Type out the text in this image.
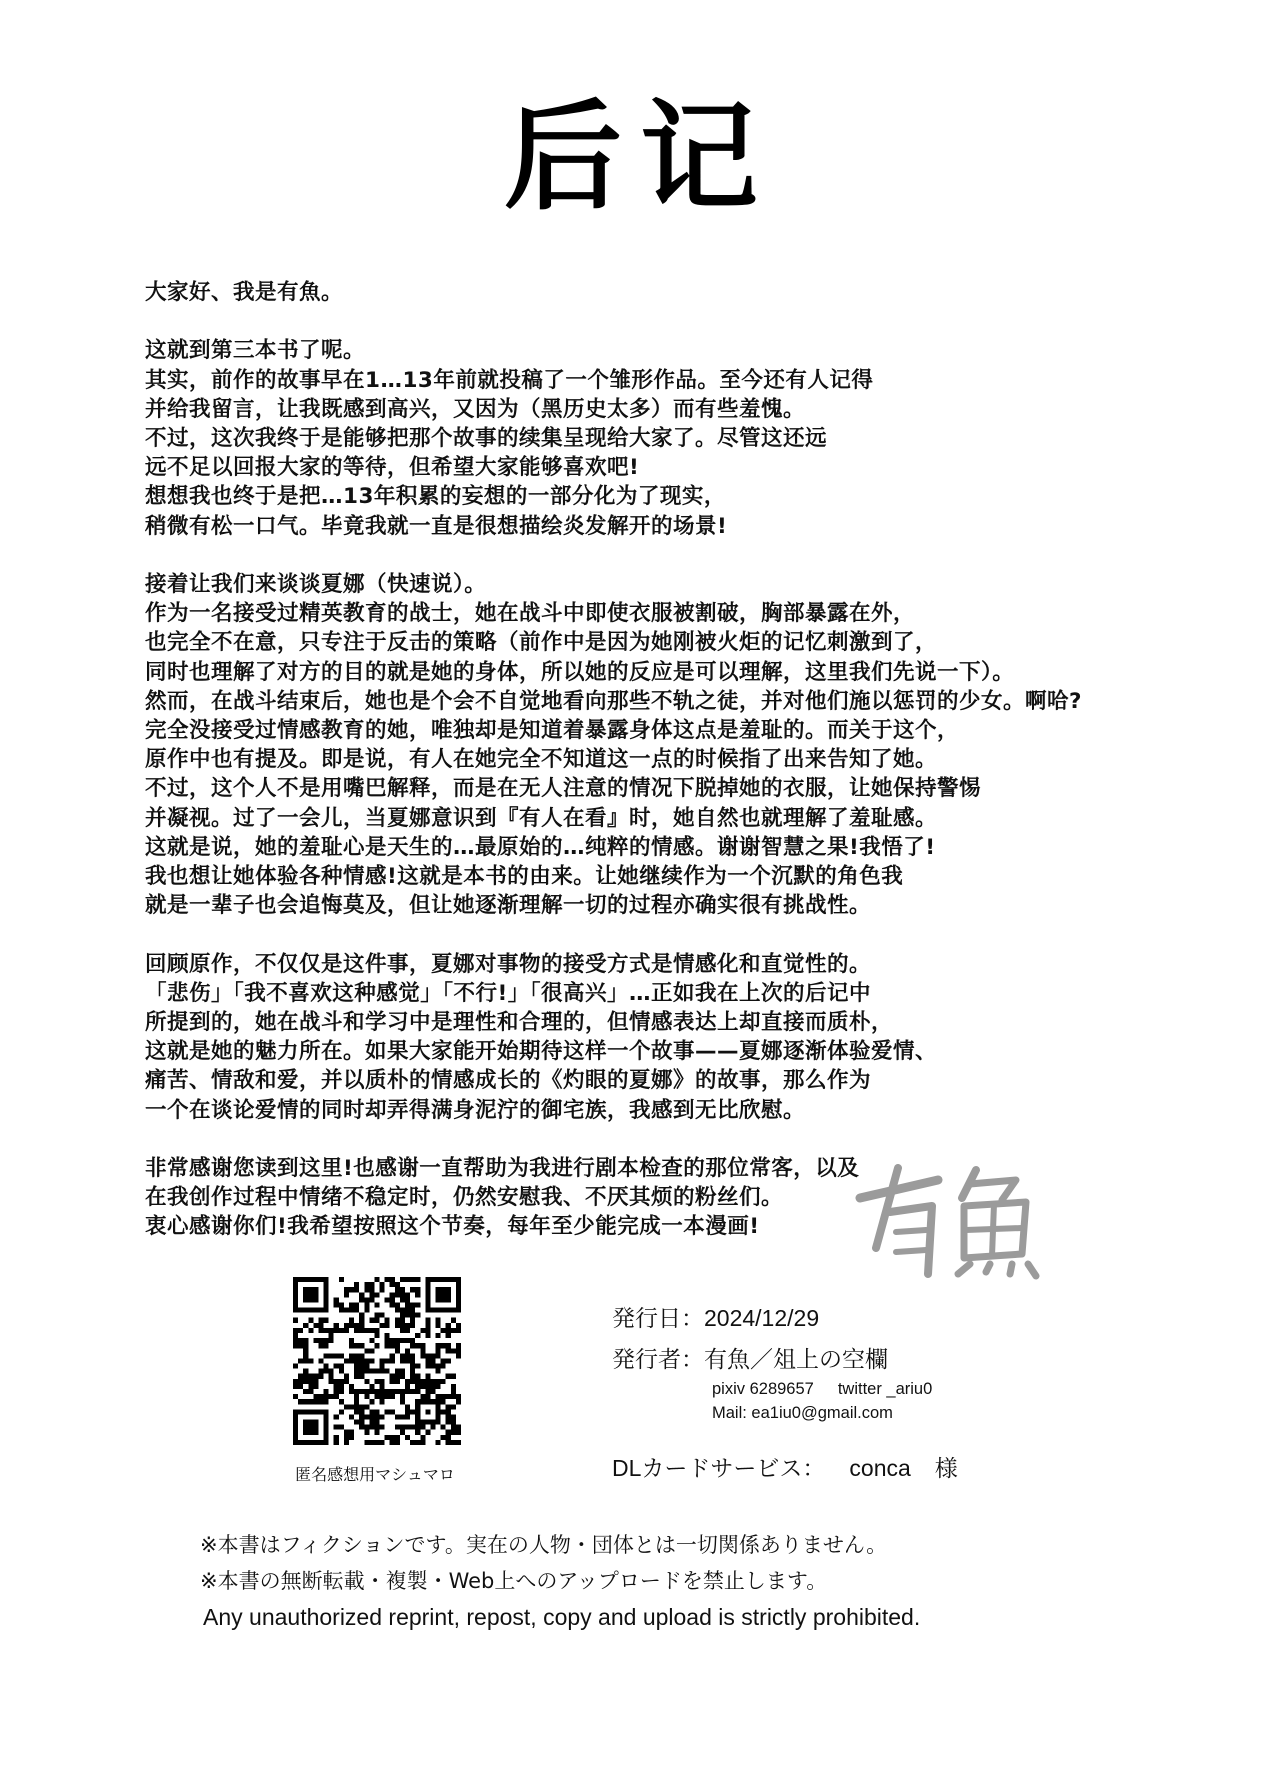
后记
大家好、我是有魚。
这就到第三本书了呢。
其实，前作的故事早在1…13年前就投稿了一个雏形作品。至今还有人记得
并给我留言，让我既感到高兴，又因为（黑历史太多）而有些羞愧。
不过，这次我终于是能够把那个故事的续集呈现给大家了。尽管这还远
远不足以回报大家的等待，但希望大家能够喜欢吧!
想想我也终于是把…13年积累的妄想的一部分化为了现实，
稍微有松一口气。毕竟我就一直是很想描绘炎发解开的场景!
接着让我们来谈谈夏娜（快速说）。
作为一名接受过精英教育的战士，她在战斗中即使衣服被割破，胸部暴露在外，
也完全不在意，只专注于反击的策略（前作中是因为她刚被火炬的记忆刺激到了，
同时也理解了对方的目的就是她的身体，所以她的反应是可以理解，这里我们先说一下）。
然而，在战斗结束后，她也是个会不自觉地看向那些不轨之徒，并对他们施以惩罚的少女。啊哈?
完全没接受过情感教育的她，唯独却是知道着暴露身体这点是羞耻的。而关于这个，
原作中也有提及。即是说，有人在她完全不知道这一点的时候指了出来告知了她。
不过，这个人不是用嘴巴解释，而是在无人注意的情况下脱掉她的衣服，让她保持警惕
并凝视。过了一会儿，当夏娜意识到『有人在看』时，她自然也就理解了羞耻感。
这就是说，她的羞耻心是天生的…最原始的…纯粹的情感。谢谢智慧之果!我悟了!
我也想让她体验各种情感!这就是本书的由来。让她继续作为一个沉默的角色我
就是一辈子也会追悔莫及，但让她逐渐理解一切的过程亦确实很有挑战性。
回顾原作，不仅仅是这件事，夏娜对事物的接受方式是情感化和直觉性的。
「悲伤」「我不喜欢这种感觉」「不行!」「很高兴」…正如我在上次的后记中
所提到的，她在战斗和学习中是理性和合理的，但情感表达上却直接而质朴，
这就是她的魅力所在。如果大家能开始期待这样一个故事——夏娜逐渐体验爱情、
痛苦、情敌和爱，并以质朴的情感成长的《灼眼的夏娜》的故事，那么作为
一个在谈论爱情的同时却弄得满身泥泞的御宅族，我感到无比欣慰。
非常感谢您读到这里!也感谢一直帮助为我进行剧本检查的那位常客，以及
在我创作过程中情绪不稳定时，仍然安慰我、不厌其烦的粉丝们。
衷心感谢你们!我希望按照这个节奏，每年至少能完成一本漫画!
匿名感想用マシュマロ
発行日：2024/12/29
発行者：有魚／俎上の空欄
pixiv 6289657 twitter _ariu0
Mail: ea1iu0@gmail.com
DLカードサービス： conca 様
※本書はフィクションです。実在の人物・団体とは一切関係ありません。
※本書の無断転載・複製・Web上へのアップロードを禁止します。
Any unauthorized reprint, repost, copy and upload is strictly prohibited.
